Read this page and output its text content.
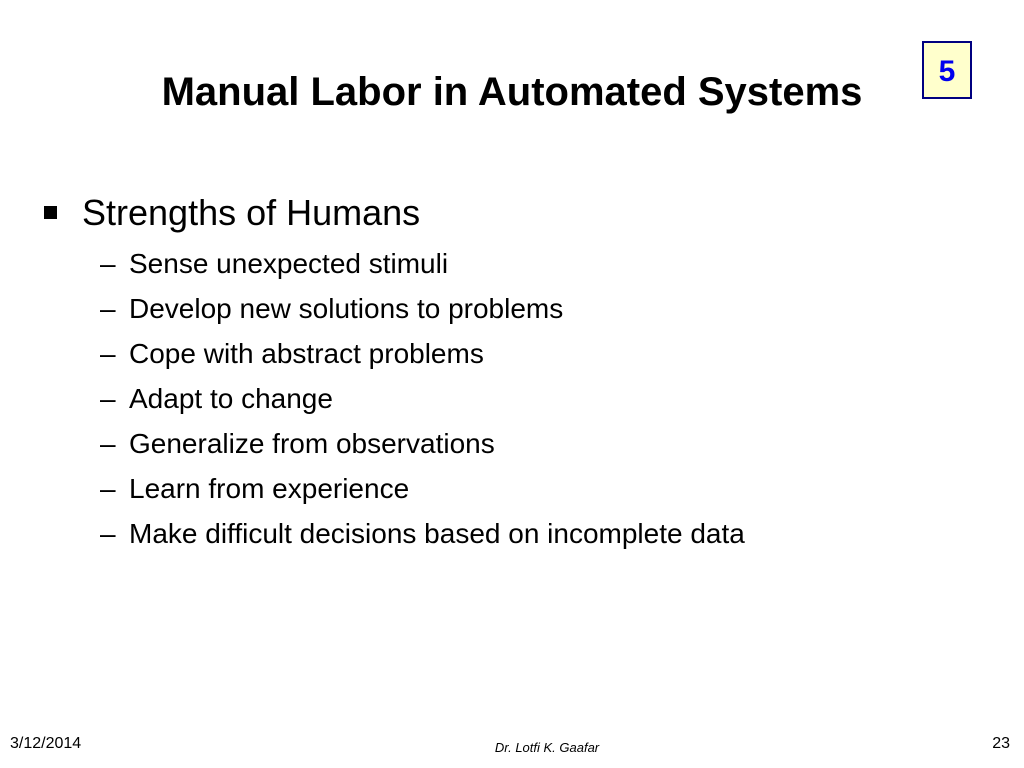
Manual Labor in Automated Systems	5
Strengths of Humans
– Sense unexpected stimuli
– Develop new solutions to problems
– Cope with abstract problems
– Adapt to change
– Generalize from observations
– Learn from experience
– Make difficult decisions based on incomplete data
3/12/2014	Dr. Lotfi K. Gaafar	23
